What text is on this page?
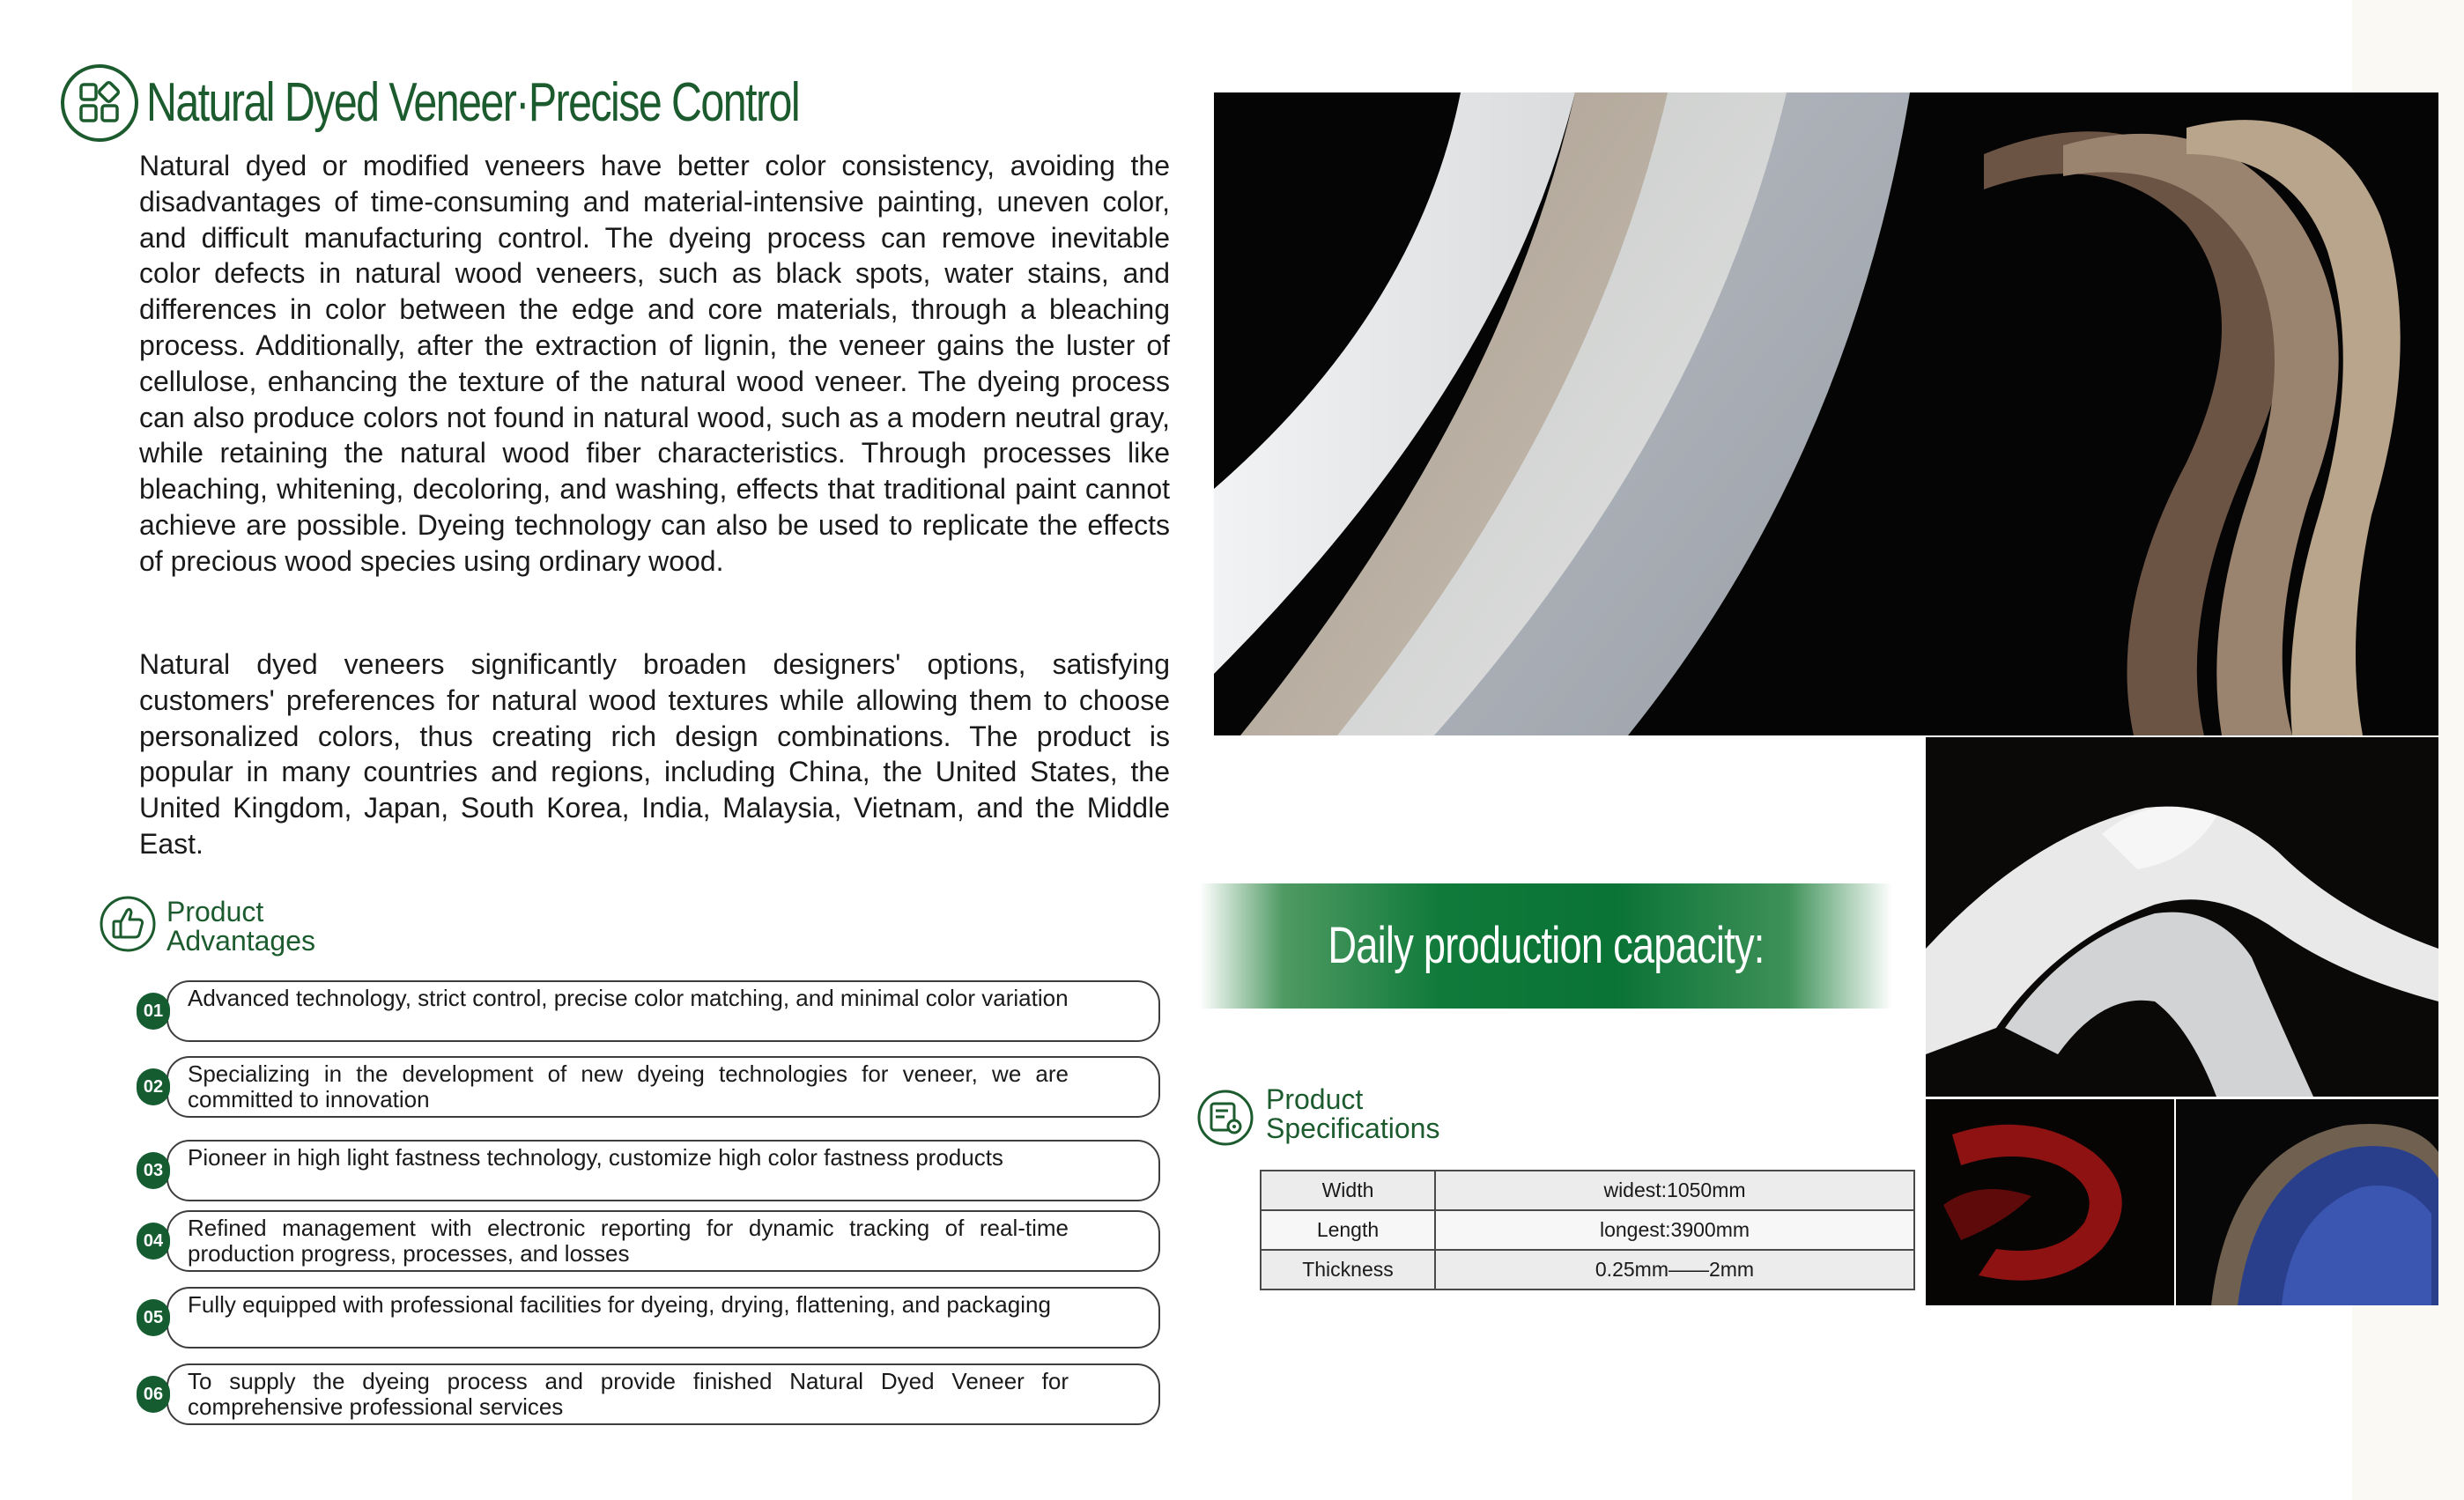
Natural Dyed Veneer·Precise Control
Natural dyed or modified veneers have better color consistency, avoiding the disadvantages of time-consuming and material-intensive painting, uneven color, and difficult manufacturing control. The dyeing process can remove inevitable color defects in natural wood veneers, such as black spots, water stains, and differences in color between the edge and core materials, through a bleaching process. Additionally, after the extraction of lignin, the veneer gains the luster of cellulose, enhancing the texture of the natural wood veneer. The dyeing process can also produce colors not found in natural wood, such as a modern neutral gray, while retaining the natural wood fiber characteristics. Through processes like bleaching, whitening, decoloring, and washing, effects that traditional paint cannot achieve are possible. Dyeing technology can also be used to replicate the effects of precious wood species using ordinary wood.
Natural dyed veneers significantly broaden designers' options, satisfying customers' preferences for natural wood textures while allowing them to choose personalized colors, thus creating rich design combinations. The product is popular in many countries and regions, including China, the United States, the United Kingdom, Japan, South Korea, India, Malaysia, Vietnam, and the Middle East.
Product
Advantages
01	Advanced technology, strict control, precise color matching, and minimal color variation
02	Specializing in the development of new dyeing technologies for veneer, we are committed to innovation
03	Pioneer in high light fastness technology, customize high color fastness products
04	Refined management with electronic reporting for dynamic tracking of real-time production progress, processes, and losses
05	Fully equipped with professional facilities for dyeing, drying, flattening, and packaging
06	To supply the dyeing process and provide finished Natural Dyed Veneer for comprehensive professional services
Daily production capacity: $10000m^2$
Product
Specifications
Width	widest:1050mm
Length	longest:3900mm
Thickness	0.25mm——2mm
